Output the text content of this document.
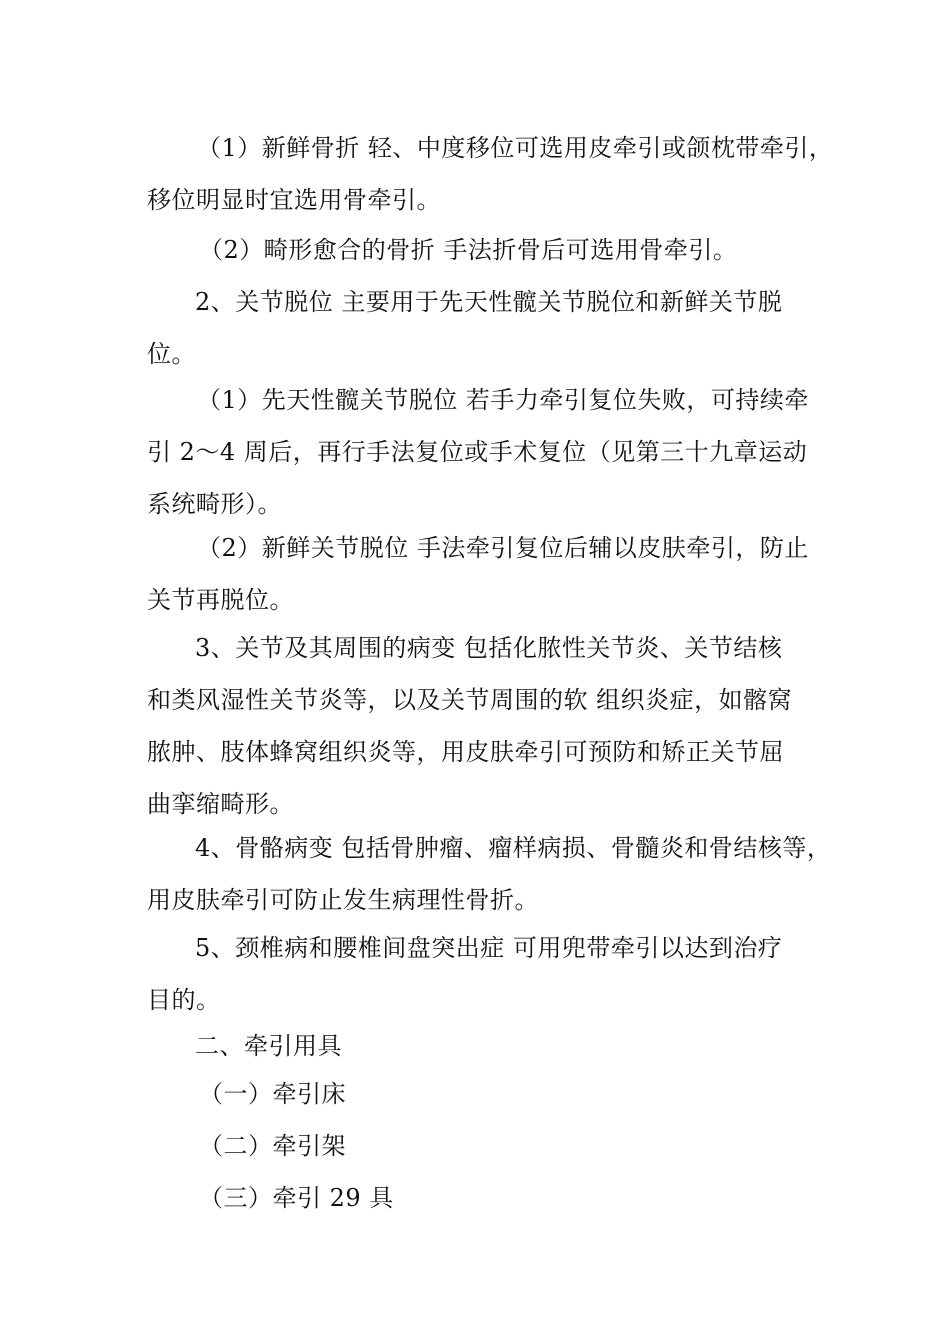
（1）新鲜骨折 轻、中度移位可选用皮牵引或颌枕带牵引，
移位明显时宜选用骨牵引。

（2）畸形愈合的骨折 手法折骨后可选用骨牵引。

2、关节脱位 主要用于先天性髋关节脱位和新鲜关节脱
位。

（1）先天性髋关节脱位 若手力牵引复位失败，可持续牵
引 2～4 周后，再行手法复位或手术复位（见第三十九章运动
系统畸形）。

（2）新鲜关节脱位 手法牵引复位后辅以皮肤牵引，防止
关节再脱位。

3、关节及其周围的病变 包括化脓性关节炎、关节结核
和类风湿性关节炎等，以及关节周围的软 组织炎症，如髂窝
脓肿、肢体蜂窝组织炎等，用皮肤牵引可预防和矫正关节屈
曲挛缩畸形。

4、骨骼病变 包括骨肿瘤、瘤样病损、骨髓炎和骨结核等，
用皮肤牵引可防止发生病理性骨折。

5、颈椎病和腰椎间盘突出症 可用兜带牵引以达到治疗
目的。

二、牵引用具

（一）牵引床
（二）牵引架
（三）牵引 29 具
